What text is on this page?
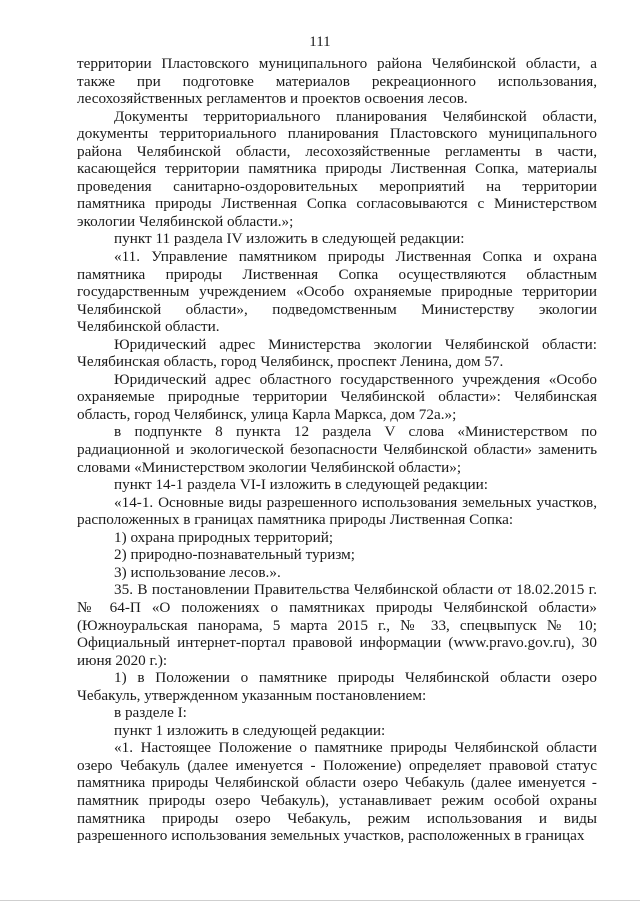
111

территории Пластовского муниципального района Челябинской области, а также при подготовке материалов рекреационного использования, лесохозяйственных регламентов и проектов освоения лесов.

Документы территориального планирования Челябинской области, документы территориального планирования Пластовского муниципального района Челябинской области, лесохозяйственные регламенты в части, касающейся территории памятника природы Лиственная Сопка, материалы проведения санитарно-оздоровительных мероприятий на территории памятника природы Лиственная Сопка согласовываются с Министерством экологии Челябинской области.»;

пункт 11 раздела IV изложить в следующей редакции:

«11. Управление памятником природы Лиственная Сопка и охрана памятника природы Лиственная Сопка осуществляются областным государственным учреждением «Особо охраняемые природные территории Челябинской области», подведомственным Министерству экологии Челябинской области.

Юридический адрес Министерства экологии Челябинской области: Челябинская область, город Челябинск, проспект Ленина, дом 57.

Юридический адрес областного государственного учреждения «Особо охраняемые природные территории Челябинской области»: Челябинская область, город Челябинск, улица Карла Маркса, дом 72а.»;

в подпункте 8 пункта 12 раздела V слова «Министерством по радиационной и экологической безопасности Челябинской области» заменить словами «Министерством экологии Челябинской области»;

пункт 14-1 раздела VI-I изложить в следующей редакции:

«14-1. Основные виды разрешенного использования земельных участков, расположенных в границах памятника природы Лиственная Сопка:

1) охрана природных территорий;

2) природно-познавательный туризм;

3) использование лесов.».

35. В постановлении Правительства Челябинской области от 18.02.2015 г. № 64-П «О положениях о памятниках природы Челябинской области» (Южноуральская панорама, 5 марта 2015 г., № 33, спецвыпуск № 10; Официальный интернет-портал правовой информации (www.pravo.gov.ru), 30 июня 2020 г.):

1) в Положении о памятнике природы Челябинской области озеро Чебакуль, утвержденном указанным постановлением:

в разделе I:

пункт 1 изложить в следующей редакции:

«1. Настоящее Положение о памятнике природы Челябинской области озеро Чебакуль (далее именуется - Положение) определяет правовой статус памятника природы Челябинской области озеро Чебакуль (далее именуется - памятник природы озеро Чебакуль), устанавливает режим особой охраны памятника природы озеро Чебакуль, режим использования и виды разрешенного использования земельных участков, расположенных в границах
